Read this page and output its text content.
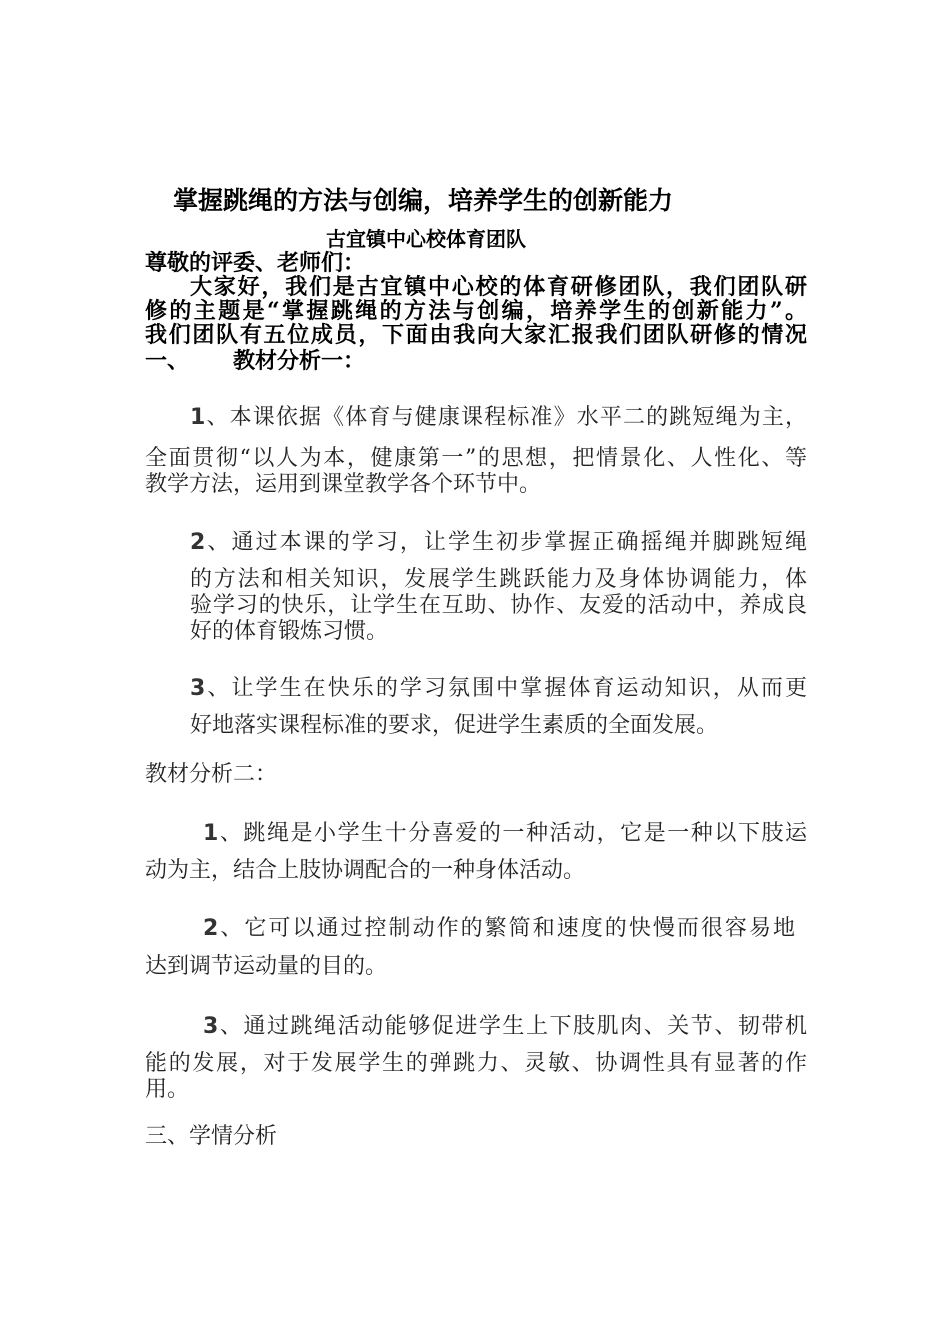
掌握跳绳的方法与创编，培养学生的创新能力
古宜镇中心校体育团队
尊敬的评委、老师们：
大家好，我们是古宜镇中心校的体育研修团队，我们团队研
修的主题是“掌握跳绳的方法与创编，培养学生的创新能力”。
我们团队有五位成员，下面由我向大家汇报我们团队研修的情况
一、 教材分析一：
1、本课依据《体育与健康课程标准》水平二的跳短绳为主，
全面贯彻“以人为本，健康第一”的思想，把情景化、人性化、等
教学方法，运用到课堂教学各个环节中。
2、通过本课的学习，让学生初步掌握正确摇绳并脚跳短绳
的方法和相关知识，发展学生跳跃能力及身体协调能力，体
验学习的快乐，让学生在互助、协作、友爱的活动中，养成良
好的体育锻炼习惯。
3、让学生在快乐的学习氛围中掌握体育运动知识，从而更
好地落实课程标准的要求，促进学生素质的全面发展。
教材分析二：
1、跳绳是小学生十分喜爱的一种活动，它是一种以下肢运
动为主，结合上肢协调配合的一种身体活动。
2、它可以通过控制动作的繁简和速度的快慢而很容易地
达到调节运动量的目的。
3、通过跳绳活动能够促进学生上下肢肌肉、关节、韧带机
能的发展，对于发展学生的弹跳力、灵敏、协调性具有显著的作
用。
三、学情分析
